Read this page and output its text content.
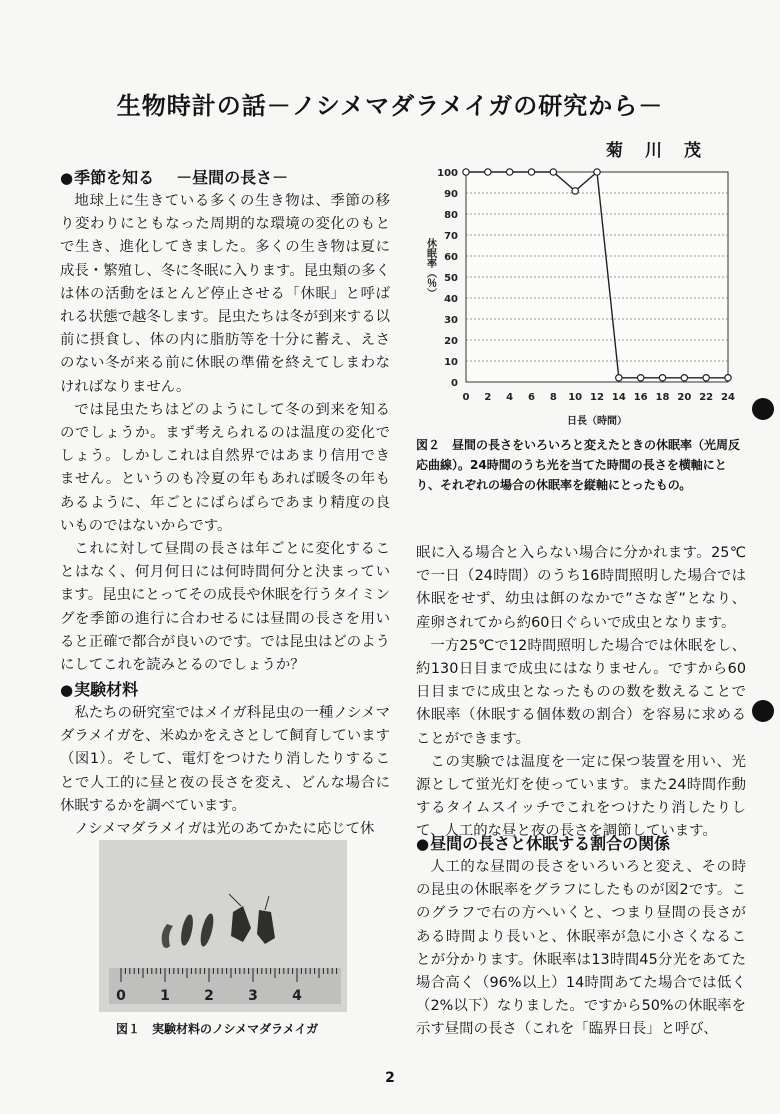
生物時計の話－ノシメマダラメイガの研究から－
菊川茂
●季節を知る －昼間の長さ－

地球上に生きている多くの生き物は、季節の移り変わりにともなった周期的な環境の変化のもとで生き、進化してきました。多くの生き物は夏に成長・繁殖し、冬に冬眠に入ります。昆虫類の多くは体の活動をほとんど停止させる「休眠」と呼ばれる状態で越冬します。昆虫たちは冬が到来する以前に摂食し、体の内に脂肪等を十分に蓄え、えさのない冬が来る前に休眠の準備を終えてしまわなければなりません。

では昆虫たちはどのようにして冬の到来を知るのでしょうか。まず考えられるのは温度の変化でしょう。しかしこれは自然界ではあまり信用できません。というのも冷夏の年もあれば暖冬の年もあるように、年ごとにばらばらであまり精度の良いものではないからです。

これに対して昼間の長さは年ごとに変化することはなく、何月何日には何時間何分と決まっています。昆虫にとってその成長や休眠を行うタイミングを季節の進行に合わせるには昼間の長さを用いると正確で都合が良いのです。では昆虫はどのようにしてこれを読みとるのでしょうか？

●実験材料

私たちの研究室ではメイガ科昆虫の一種ノシメマダラメイガを、米ぬかをえさとして飼育しています（図1）。そして、電灯をつけたり消したりすることで人工的に昼と夜の長さを変え、どんな場合に休眠するかを調べています。

ノシメマダラメイガは光のあてかたに応じて休

0 1 2 3 4
図１　実験材料のノシメマダラメイガ
0
10
20
30
40
50
60
70
80
90
100
0 2 4 6 8 10 12 14 16 18 20 22 24
日長（時間）
休眠率（％）
図２　昼間の長さをいろいろと変えたときの休眠率（光周反応曲線）。24時間のうち光を当てた時間の長さを横軸にとり、それぞれの場合の休眠率を縦軸にとったもの。

眠に入る場合と入らない場合に分かれます。25℃で一日（24時間）のうち16時間照明した場合では休眠をせず、幼虫は餌のなかで”さなぎ”となり、産卵されてから約60日ぐらいで成虫となります。

一方25℃で12時間照明した場合では休眠をし、約130日目まで成虫にはなりません。ですから60日目までに成虫となったものの数を数えることで休眠率（休眠する個体数の割合）を容易に求めることができます。

この実験では温度を一定に保つ装置を用い、光源として蛍光灯を使っています。また24時間作動するタイムスイッチでこれをつけたり消したりして、人工的な昼と夜の長さを調節しています。

●昼間の長さと休眠する割合の関係

人工的な昼間の長さをいろいろと変え、その時の昆虫の休眠率をグラフにしたものが図2です。このグラフで右の方へいくと、つまり昼間の長さがある時間より長いと、休眠率が急に小さくなることが分かります。休眠率は13時間45分光をあてた場合高く（96%以上）14時間あてた場合では低く（2%以下）なりました。ですから50%の休眠率を示す昼間の長さ（これを「臨界日長」と呼び、

2
